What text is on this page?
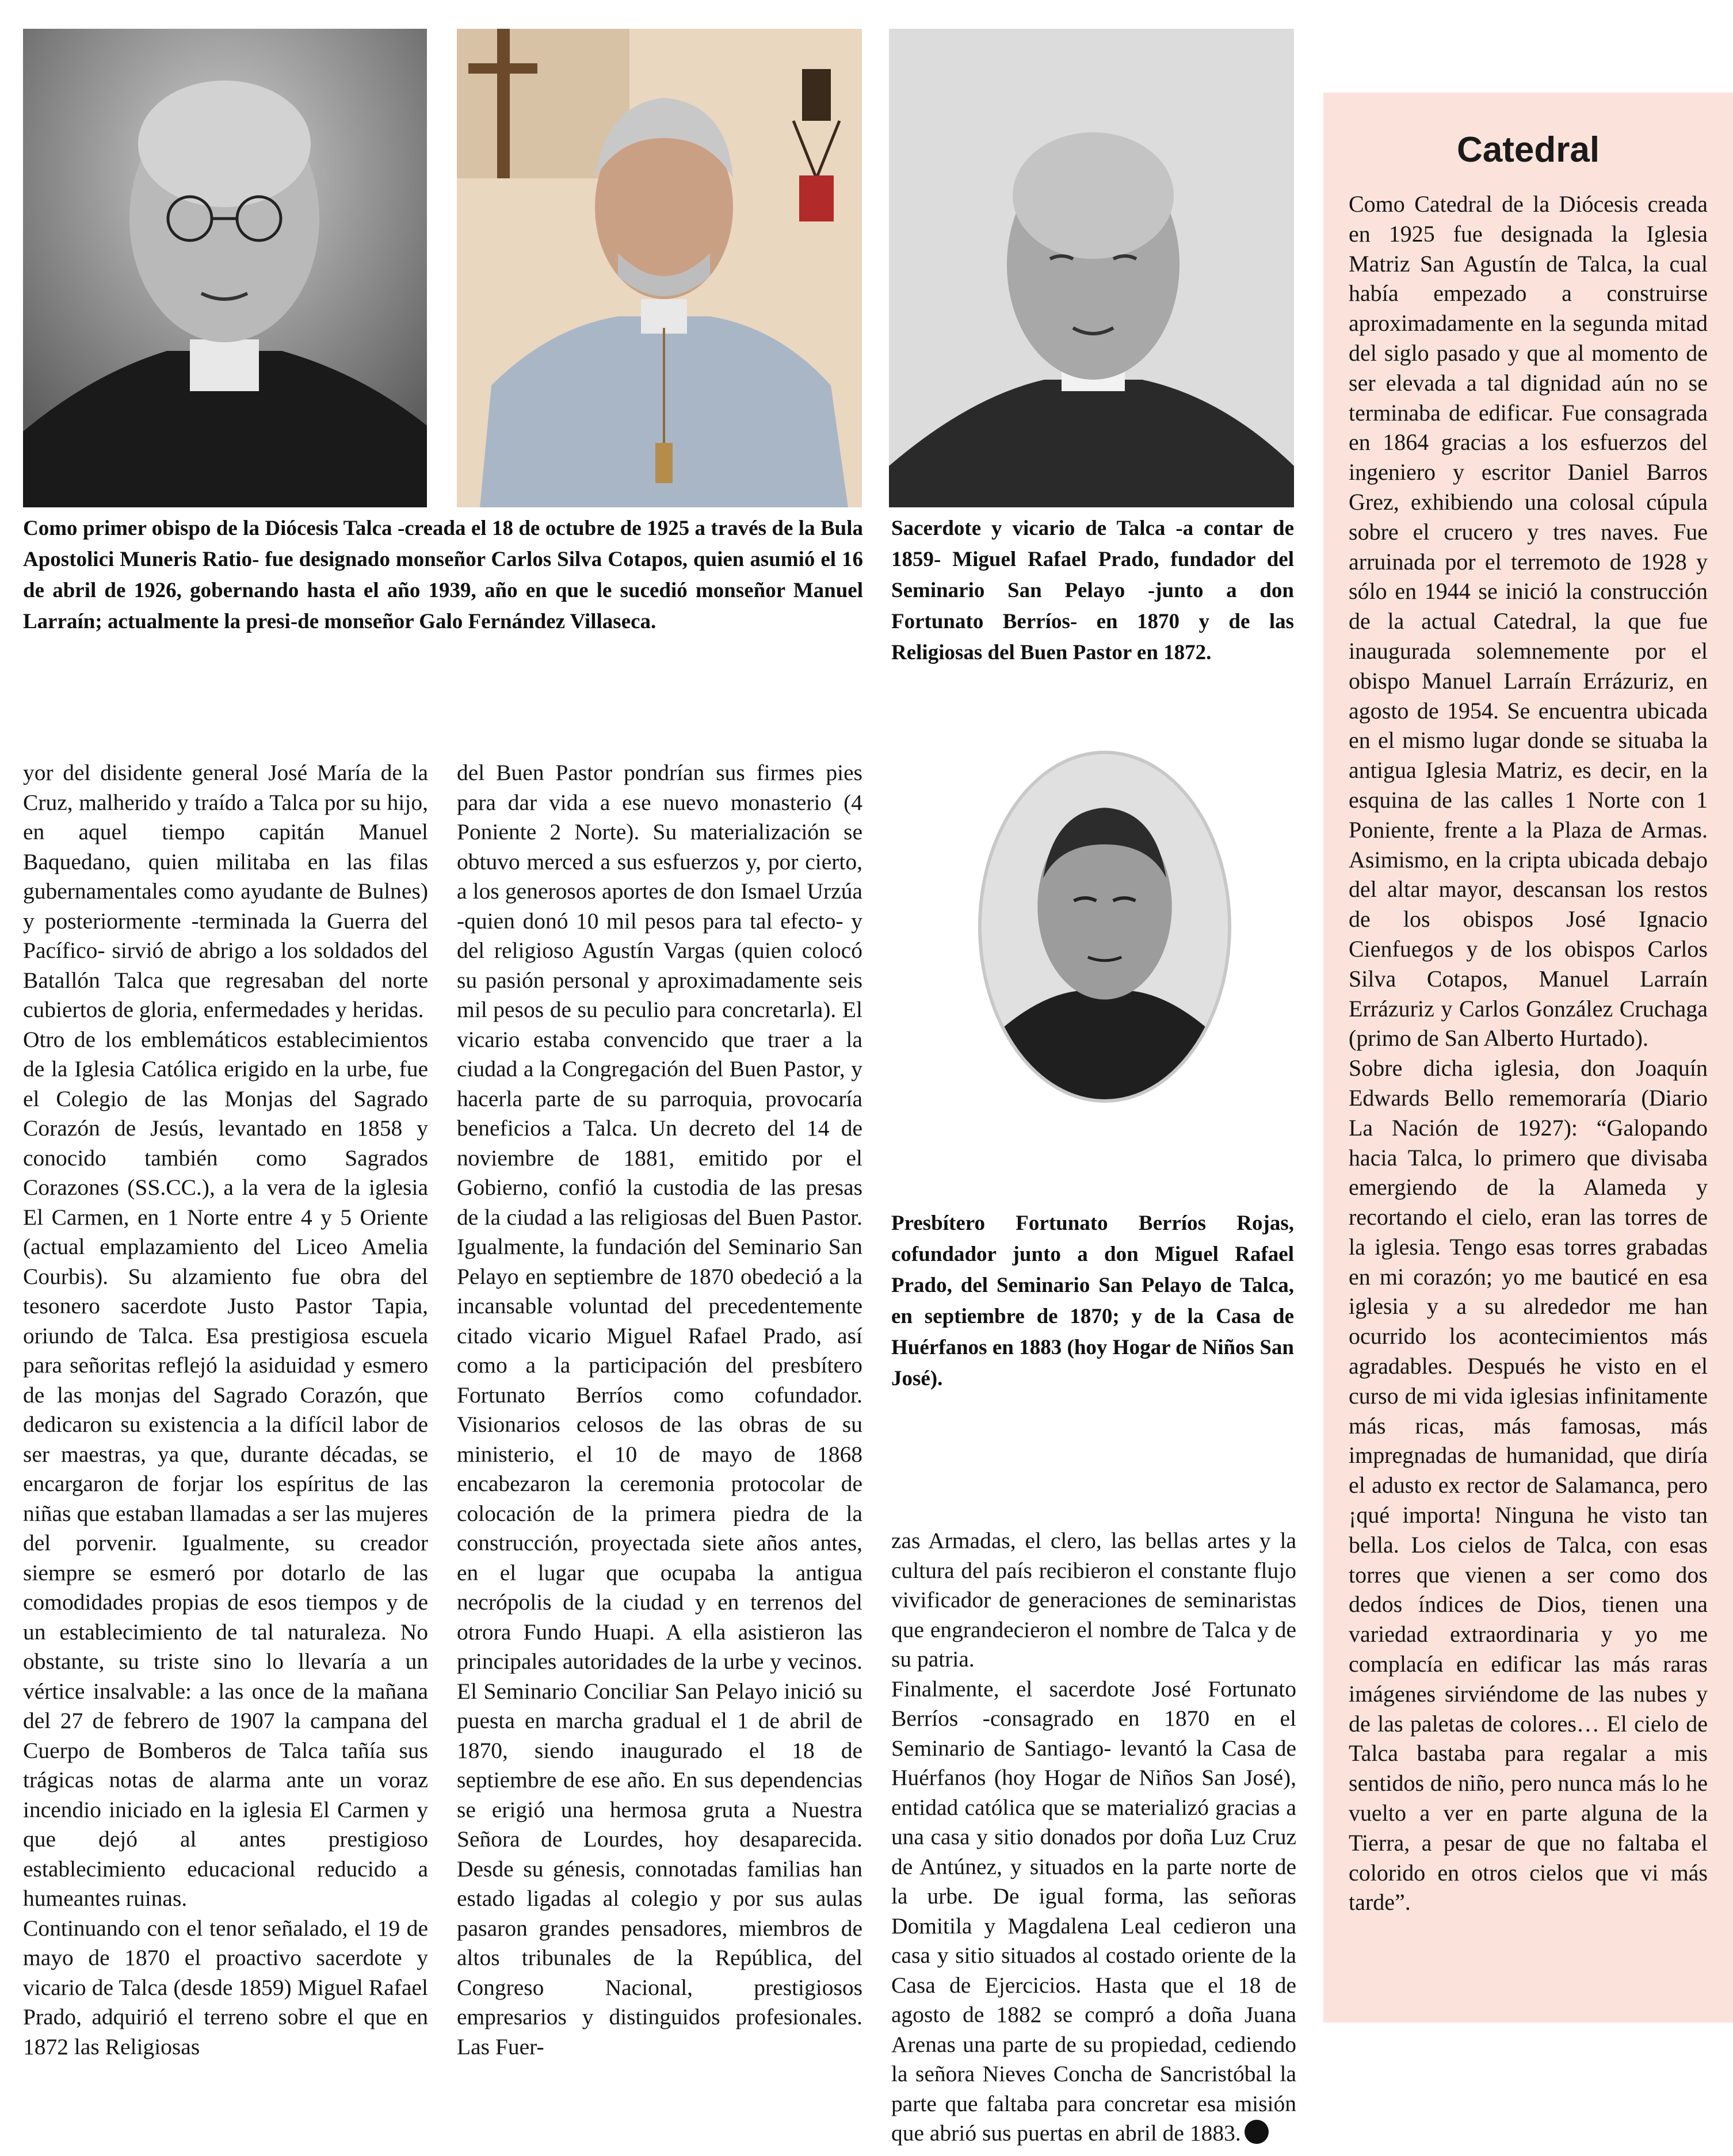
Como primer obispo de la Diócesis Talca -creada el 18 de octubre de 1925 a través de la Bula Apostolici Muneris Ratio- fue designado monseñor Carlos Silva Cotapos, quien asumió el 16 de abril de 1926, gobernando hasta el año 1939, año en que le sucedió monseñor Manuel Larraín; actualmente la presi-de monseñor Galo Fernández Villaseca.

Sacerdote y vicario de Talca -a contar de 1859- Miguel Rafael Prado, fundador del Seminario San Pelayo -junto a don Fortunato Berríos- en 1870 y de las Religiosas del Buen Pastor en 1872.

Presbítero Fortunato Berríos Rojas, cofundador junto a don Miguel Rafael Prado, del Seminario San Pelayo de Talca, en septiembre de 1870; y de la Casa de Huérfanos en 1883 (hoy Hogar de Niños San José).

yor del disidente general José María de la Cruz, malherido y traído a Talca por su hijo, en aquel tiempo capitán Manuel Baquedano, quien militaba en las filas gubernamentales como ayudante de Bulnes) y posteriormente -terminada la Guerra del Pacífico- sirvió de abrigo a los soldados del Batallón Talca que regresaban del norte cubiertos de gloria, enfermedades y heridas.

Otro de los emblemáticos establecimientos de la Iglesia Católica erigido en la urbe, fue el Colegio de las Monjas del Sagrado Corazón de Jesús, levantado en 1858 y conocido también como Sagrados Corazones (SS.CC.), a la vera de la iglesia El Carmen, en 1 Norte entre 4 y 5 Oriente (actual emplazamiento del Liceo Amelia Courbis). Su alzamiento fue obra del tesonero sacerdote Justo Pastor Tapia, oriundo de Talca. Esa prestigiosa escuela para señoritas reflejó la asiduidad y esmero de las monjas del Sagrado Corazón, que dedicaron su existencia a la difícil labor de ser maestras, ya que, durante décadas, se encargaron de forjar los espíritus de las niñas que estaban llamadas a ser las mujeres del porvenir. Igualmente, su creador siempre se esmeró por dotarlo de las comodidades propias de esos tiempos y de un establecimiento de tal naturaleza. No obstante, su triste sino lo llevaría a un vértice insalvable: a las once de la mañana del 27 de febrero de 1907 la campana del Cuerpo de Bomberos de Talca tañía sus trágicas notas de alarma ante un voraz incendio iniciado en la iglesia El Carmen y que dejó al antes prestigioso establecimiento educacional reducido a humeantes ruinas.

Continuando con el tenor señalado, el 19 de mayo de 1870 el proactivo sacerdote y vicario de Talca (desde 1859) Miguel Rafael Prado, adquirió el terreno sobre el que en 1872 las Religiosas

del Buen Pastor pondrían sus firmes pies para dar vida a ese nuevo monasterio (4 Poniente 2 Norte). Su materialización se obtuvo merced a sus esfuerzos y, por cierto, a los generosos aportes de don Ismael Urzúa -quien donó 10 mil pesos para tal efecto- y del religioso Agustín Vargas (quien colocó su pasión personal y aproximadamente seis mil pesos de su peculio para concretarla). El vicario estaba convencido que traer a la ciudad a la Congregación del Buen Pastor, y hacerla parte de su parroquia, provocaría beneficios a Talca. Un decreto del 14 de noviembre de 1881, emitido por el Gobierno, confió la custodia de las presas de la ciudad a las religiosas del Buen Pastor. Igualmente, la fundación del Seminario San Pelayo en septiembre de 1870 obedeció a la incansable voluntad del precedentemente citado vicario Miguel Rafael Prado, así como a la participación del presbítero Fortunato Berríos como cofundador. Visionarios celosos de las obras de su ministerio, el 10 de mayo de 1868 encabezaron la ceremonia protocolar de colocación de la primera piedra de la construcción, proyectada siete años antes, en el lugar que ocupaba la antigua necrópolis de la ciudad y en terrenos del otrora Fundo Huapi. A ella asistieron las principales autoridades de la urbe y vecinos. El Seminario Conciliar San Pelayo inició su puesta en marcha gradual el 1 de abril de 1870, siendo inaugurado el 18 de septiembre de ese año. En sus dependencias se erigió una hermosa gruta a Nuestra Señora de Lourdes, hoy desaparecida. Desde su génesis, connotadas familias han estado ligadas al colegio y por sus aulas pasaron grandes pensadores, miembros de altos tribunales de la República, del Congreso Nacional, prestigiosos empresarios y distinguidos profesionales. Las Fuer-

zas Armadas, el clero, las bellas artes y la cultura del país recibieron el constante flujo vivificador de generaciones de seminaristas que engrandecieron el nombre de Talca y de su patria.

Finalmente, el sacerdote José Fortunato Berríos -consagrado en 1870 en el Seminario de Santiago- levantó la Casa de Huérfanos (hoy Hogar de Niños San José), entidad católica que se materializó gracias a una casa y sitio donados por doña Luz Cruz de Antúnez, y situados en la parte norte de la urbe. De igual forma, las señoras Domitila y Magdalena Leal cedieron una casa y sitio situados al costado oriente de la Casa de Ejercicios. Hasta que el 18 de agosto de 1882 se compró a doña Juana Arenas una parte de su propiedad, cediendo la señora Nieves Concha de Sancristóbal la parte que faltaba para concretar esa misión que abrió sus puertas en abril de 1883.

Catedral

Como Catedral de la Diócesis creada en 1925 fue designada la Iglesia Matriz San Agustín de Talca, la cual había empezado a construirse aproximadamente en la segunda mitad del siglo pasado y que al momento de ser elevada a tal dignidad aún no se terminaba de edificar. Fue consagrada en 1864 gracias a los esfuerzos del ingeniero y escritor Daniel Barros Grez, exhibiendo una colosal cúpula sobre el crucero y tres naves. Fue arruinada por el terremoto de 1928 y sólo en 1944 se inició la construcción de la actual Catedral, la que fue inaugurada solemnemente por el obispo Manuel Larraín Errázuriz, en agosto de 1954. Se encuentra ubicada en el mismo lugar donde se situaba la antigua Iglesia Matriz, es decir, en la esquina de las calles 1 Norte con 1 Poniente, frente a la Plaza de Armas. Asimismo, en la cripta ubicada debajo del altar mayor, descansan los restos de los obispos José Ignacio Cienfuegos y de los obispos Carlos Silva Cotapos, Manuel Larraín Errázuriz y Carlos González Cruchaga (primo de San Alberto Hurtado).

Sobre dicha iglesia, don Joaquín Edwards Bello rememoraría (Diario La Nación de 1927): “Galopando hacia Talca, lo primero que divisaba emergiendo de la Alameda y recortando el cielo, eran las torres de la iglesia. Tengo esas torres grabadas en mi corazón; yo me bauticé en esa iglesia y a su alrededor me han ocurrido los acontecimientos más agradables. Después he visto en el curso de mi vida iglesias infinitamente más ricas, más famosas, más impregnadas de humanidad, que diría el adusto ex rector de Salamanca, pero ¡qué importa! Ninguna he visto tan bella. Los cielos de Talca, con esas torres que vienen a ser como dos dedos índices de Dios, tienen una variedad extraordinaria y yo me complacía en edificar las más raras imágenes sirviéndome de las nubes y de las paletas de colores… El cielo de Talca bastaba para regalar a mis sentidos de niño, pero nunca más lo he vuelto a ver en parte alguna de la Tierra, a pesar de que no faltaba el colorido en otros cielos que vi más tarde”.
